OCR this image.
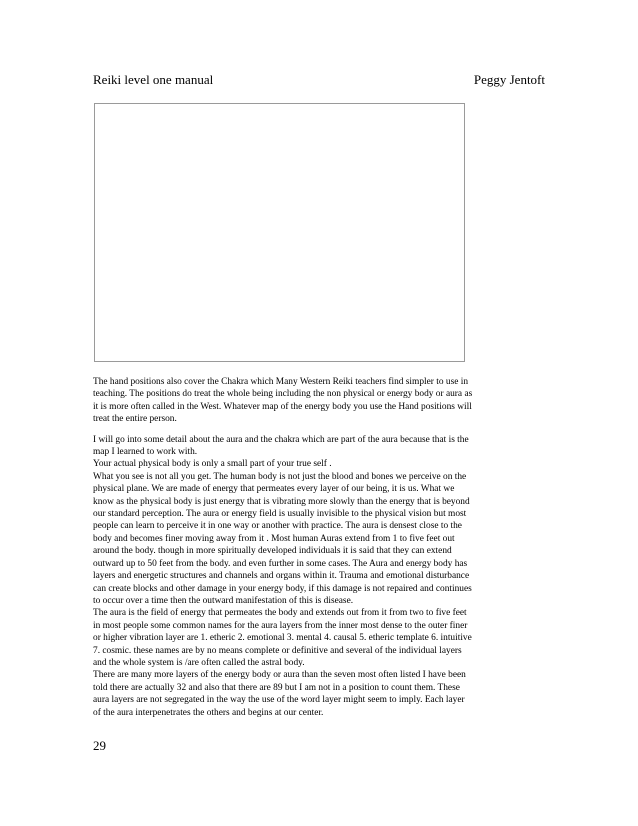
Reiki level one manual	Peggy Jentoft
The hand positions also cover the Chakra which Many Western Reiki teachers find simpler to use in
teaching. The positions do treat the whole being including the non physical or energy body or aura as
it is more often called in the West. Whatever map of the energy body you use the Hand positions will
treat the entire person.
I will go into some detail about the aura and the chakra which are part of the aura because that is the
map I learned to work with.
Your actual physical body is only a small part of your true self .
What you see is not all you get. The human body is not just the blood and bones we perceive on the
physical plane. We are made of energy that permeates every layer of our being, it is us. What we
know as the physical body is just energy that is vibrating more slowly than the energy that is beyond
our standard perception. The aura or energy field is usually invisible to the physical vision but most
people can learn to perceive it in one way or another with practice. The aura is densest close to the
body and becomes finer moving away from it . Most human Auras extend from 1 to five feet out
around the body. though in more spiritually developed individuals it is said that they can extend
outward up to 50 feet from the body. and even further in some cases. The Aura and energy body has
layers and energetic structures and channels and organs within it. Trauma and emotional disturbance
can create blocks and other damage in your energy body, if this damage is not repaired and continues
to occur over a time then the outward manifestation of this is disease.
The aura is the field of energy that permeates the body and extends out from it from two to five feet
in most people some common names for the aura layers from the inner most dense to the outer finer
or higher vibration layer are 1. etheric 2. emotional 3. mental 4. causal 5. etheric template 6. intuitive
7. cosmic. these names are by no means complete or definitive and several of the individual layers
and the whole system is /are often called the astral body.
There are many more layers of the energy body or aura than the seven most often listed I have been
told there are actually 32 and also that there are 89 but I am not in a position to count them. These
aura layers are not segregated in the way the use of the word layer might seem to imply. Each layer
of the aura interpenetrates the others and begins at our center.
29
